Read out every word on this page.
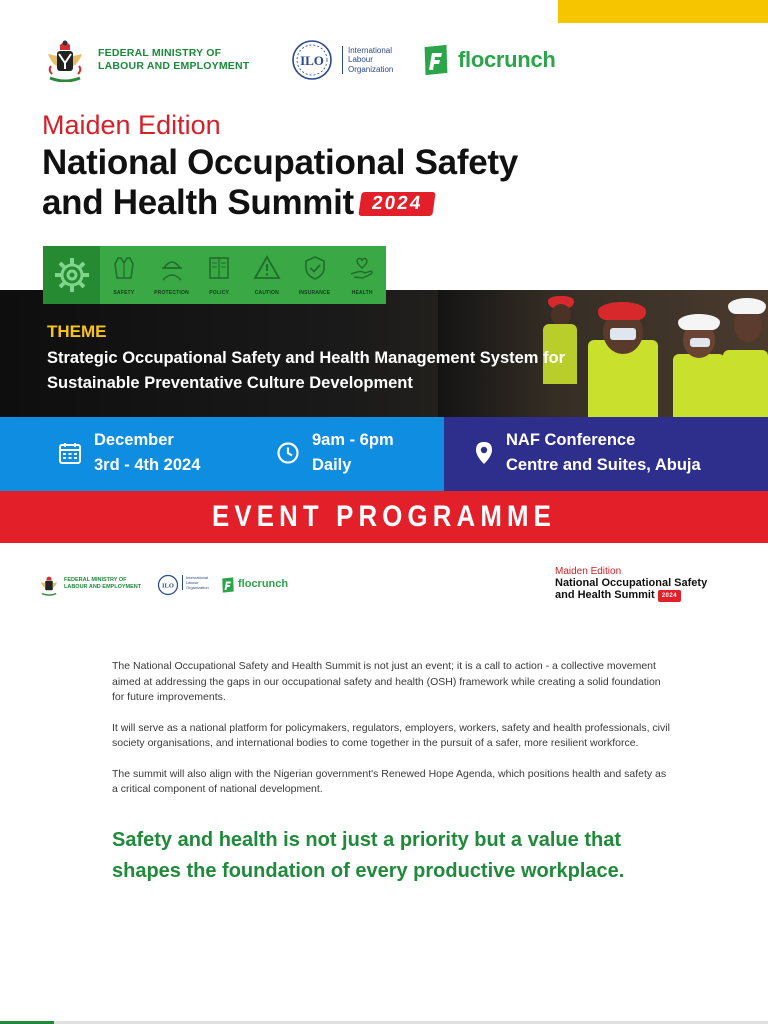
FEDERAL MINISTRY OF
LABOUR AND EMPLOYMENT	ILO
International
Labour
Organization	flocrunch
Maiden Edition
National Occupational Safety
and Health Summit 2024
THEME
Strategic Occupational Safety and Health Management System for Sustainable Preventative Culture Development
SAFETY	PROTECTION	POLICY	CAUTION	INSURANCE	HEALTH
December
3rd - 4th 2024
9am - 6pm
Daily
NAF Conference
Centre and Suites, Abuja
EVENT PROGRAMME
FEDERAL MINISTRY OF
LABOUR AND EMPLOYMENT ILO
International
Labour
Organization	flocrunch
Maiden Edition
National Occupational Safety
and Health Summit 2024

The National Occupational Safety and Health Summit is not just an event; it is a call to action - a collective movement aimed at addressing the gaps in our occupational safety and health (OSH) framework while creating a solid foundation for future improvements.

It will serve as a national platform for policymakers, regulators, employers, workers, safety and health professionals, civil society organisations, and international bodies to come together in the pursuit of a safer, more resilient workforce.

The summit will also align with the Nigerian government's Renewed Hope Agenda, which positions health and safety as a critical component of national development.

Safety and health is not just a priority but a value that shapes the foundation of every productive workplace.
